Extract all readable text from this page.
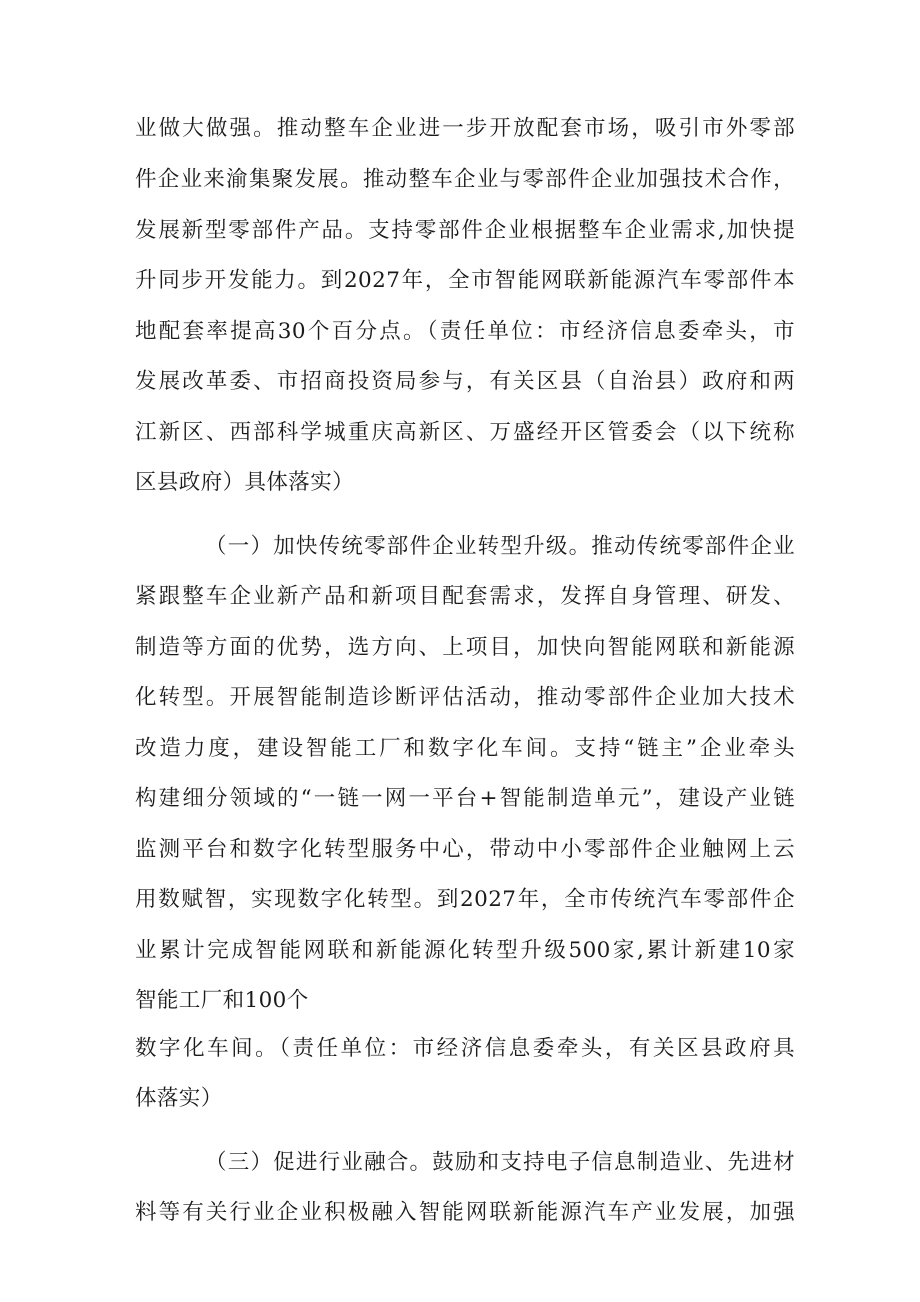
业做大做强。推动整车企业进一步开放配套市场，吸引市外零部
件企业来渝集聚发展。推动整车企业与零部件企业加强技术合作，
发展新型零部件产品。支持零部件企业根据整车企业需求,加快提
升同步开发能力。到2027年，全市智能网联新能源汽车零部件本
地配套率提高30个百分点。（责任单位：市经济信息委牵头，市
发展改革委、市招商投资局参与，有关区县（自治县）政府和两
江新区、西部科学城重庆高新区、万盛经开区管委会（以下统称
区县政府）具体落实）
（一）加快传统零部件企业转型升级。推动传统零部件企业
紧跟整车企业新产品和新项目配套需求，发挥自身管理、研发、
制造等方面的优势，选方向、上项目，加快向智能网联和新能源
化转型。开展智能制造诊断评估活动，推动零部件企业加大技术
改造力度，建设智能工厂和数字化车间。支持“链主”企业牵头
构建细分领域的“一链一网一平台+智能制造单元”，建设产业链
监测平台和数字化转型服务中心，带动中小零部件企业触网上云
用数赋智，实现数字化转型。到2027年，全市传统汽车零部件企
业累计完成智能网联和新能源化转型升级500家,累计新建10家
智能工厂和100个
数字化车间。（责任单位：市经济信息委牵头，有关区县政府具
体落实）
（三）促进行业融合。鼓励和支持电子信息制造业、先进材
料等有关行业企业积极融入智能网联新能源汽车产业发展，加强
